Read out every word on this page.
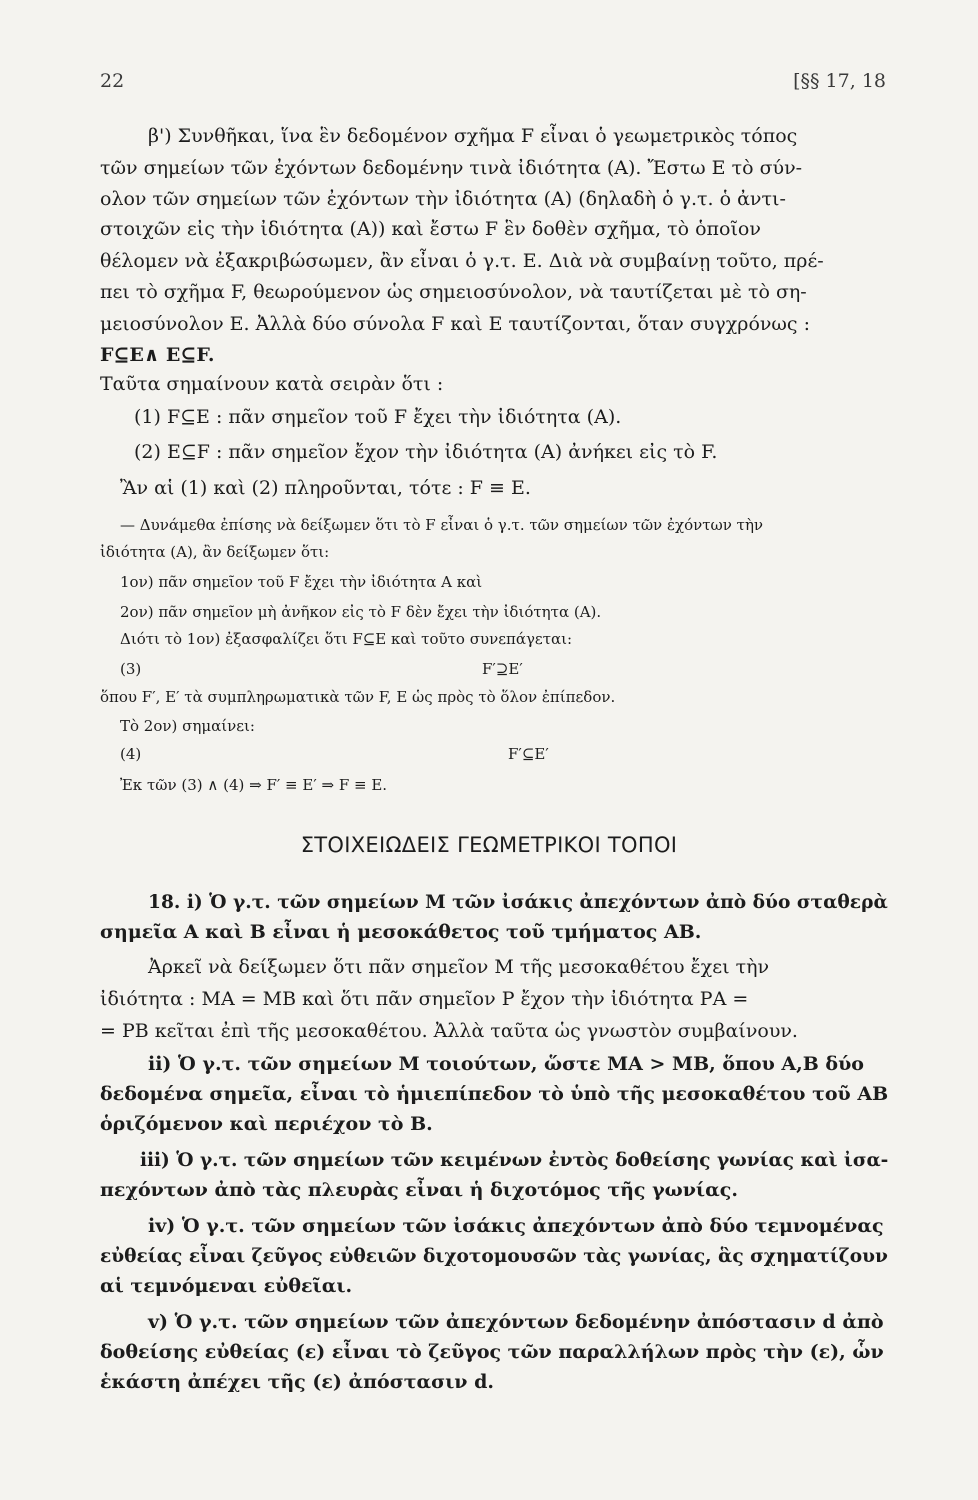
22	[§§ 17, 18
β') Συνθῆκαι, ἵνα ἓν δεδομένον σχῆμα F εἶναι ὁ γεωμετρικὸς τόπος
τῶν σημείων τῶν ἐχόντων δεδομένην τινὰ ἰδιότητα (Α). Ἔστω Ε τὸ σύν-
ολον τῶν σημείων τῶν ἐχόντων τὴν ἰδιότητα (Α) (δηλαδὴ ὁ γ.τ. ὁ ἀντι-
στοιχῶν εἰς τὴν ἰδιότητα (Α)) καὶ ἔστω F ἓν δοθὲν σχῆμα, τὸ ὁποῖον
θέλομεν νὰ ἐξακριβώσωμεν, ἂν εἶναι ὁ γ.τ. Ε. Διὰ νὰ συμβαίνῃ τοῦτο, πρέ-
πει τὸ σχῆμα F, θεωρούμενον ὡς σημειοσύνολον, νὰ ταυτίζεται μὲ τὸ ση-
μειοσύνολον Ε. Ἀλλὰ δύο σύνολα F καὶ Ε ταυτίζονται, ὅταν συγχρόνως :
F⊆Ε∧ Ε⊆F.
Ταῦτα σημαίνουν κατὰ σειρὰν ὅτι :
(1) F⊆Ε : πᾶν σημεῖον τοῦ F ἔχει τὴν ἰδιότητα (Α).
(2) Ε⊆F : πᾶν σημεῖον ἔχον τὴν ἰδιότητα (Α) ἀνήκει εἰς τὸ F.
Ἂν αἱ (1) καὶ (2) πληροῦνται, τότε : F ≡ Ε.
— Δυνάμεθα ἐπίσης νὰ δείξωμεν ὅτι τὸ F εἶναι ὁ γ.τ. τῶν σημείων τῶν ἐχόντων τὴν
ἰδιότητα (Α), ἂν δείξωμεν ὅτι:
1ον) πᾶν σημεῖον τοῦ F ἔχει τὴν ἰδιότητα Α καὶ
2ον) πᾶν σημεῖον μὴ ἀνῆκον εἰς τὸ F δὲν ἔχει τὴν ἰδιότητα (Α).
Διότι τὸ 1ον) ἐξασφαλίζει ὅτι F⊆Ε καὶ τοῦτο συνεπάγεται:
(3)	F′⊇E′
ὅπου F′, E′ τὰ συμπληρωματικὰ τῶν F, E ὡς πρὸς τὸ ὅλον ἐπίπεδον.
Τὸ 2ον) σημαίνει:
(4)	F′⊆E′
Ἐκ τῶν (3) ∧ (4) ⇒ F′ ≡ E′ ⇒ F ≡ E.
ΣΤΟΙΧΕΙΩΔΕΙΣ ΓΕΩΜΕΤΡΙΚΟΙ ΤΟΠΟΙ
18. i) Ὁ γ.τ. τῶν σημείων Μ τῶν ἰσάκις ἀπεχόντων ἀπὸ δύο σταθερὰ
σημεῖα Α καὶ Β εἶναι ἡ μεσοκάθετος τοῦ τμήματος ΑΒ.
Ἀρκεῖ νὰ δείξωμεν ὅτι πᾶν σημεῖον Μ τῆς μεσοκαθέτου ἔχει τὴν
ἰδιότητα : ΜΑ = ΜΒ καὶ ὅτι πᾶν σημεῖον Ρ ἔχον τὴν ἰδιότητα ΡΑ =
= ΡΒ κεῖται ἐπὶ τῆς μεσοκαθέτου. Ἀλλὰ ταῦτα ὡς γνωστὸν συμβαίνουν.
ii) Ὁ γ.τ. τῶν σημείων Μ τοιούτων, ὥστε ΜΑ > ΜΒ, ὅπου Α,Β δύο
δεδομένα σημεῖα, εἶναι τὸ ἡμιεπίπεδον τὸ ὑπὸ τῆς μεσοκαθέτου τοῦ ΑΒ
ὁριζόμενον καὶ περιέχον τὸ Β.
iii) Ὁ γ.τ. τῶν σημείων τῶν κειμένων ἐντὸς δοθείσης γωνίας καὶ ἰσα-
πεχόντων ἀπὸ τὰς πλευρὰς εἶναι ἡ διχοτόμος τῆς γωνίας.
iv) Ὁ γ.τ. τῶν σημείων τῶν ἰσάκις ἀπεχόντων ἀπὸ δύο τεμνομένας
εὐθείας εἶναι ζεῦγος εὐθειῶν διχοτομουσῶν τὰς γωνίας, ἃς σχηματίζουν
αἱ τεμνόμεναι εὐθεῖαι.
v) Ὁ γ.τ. τῶν σημείων τῶν ἀπεχόντων δεδομένην ἀπόστασιν d ἀπὸ
δοθείσης εὐθείας (ε) εἶναι τὸ ζεῦγος τῶν παραλλήλων πρὸς τὴν (ε), ὧν
ἑκάστη ἀπέχει τῆς (ε) ἀπόστασιν d.
